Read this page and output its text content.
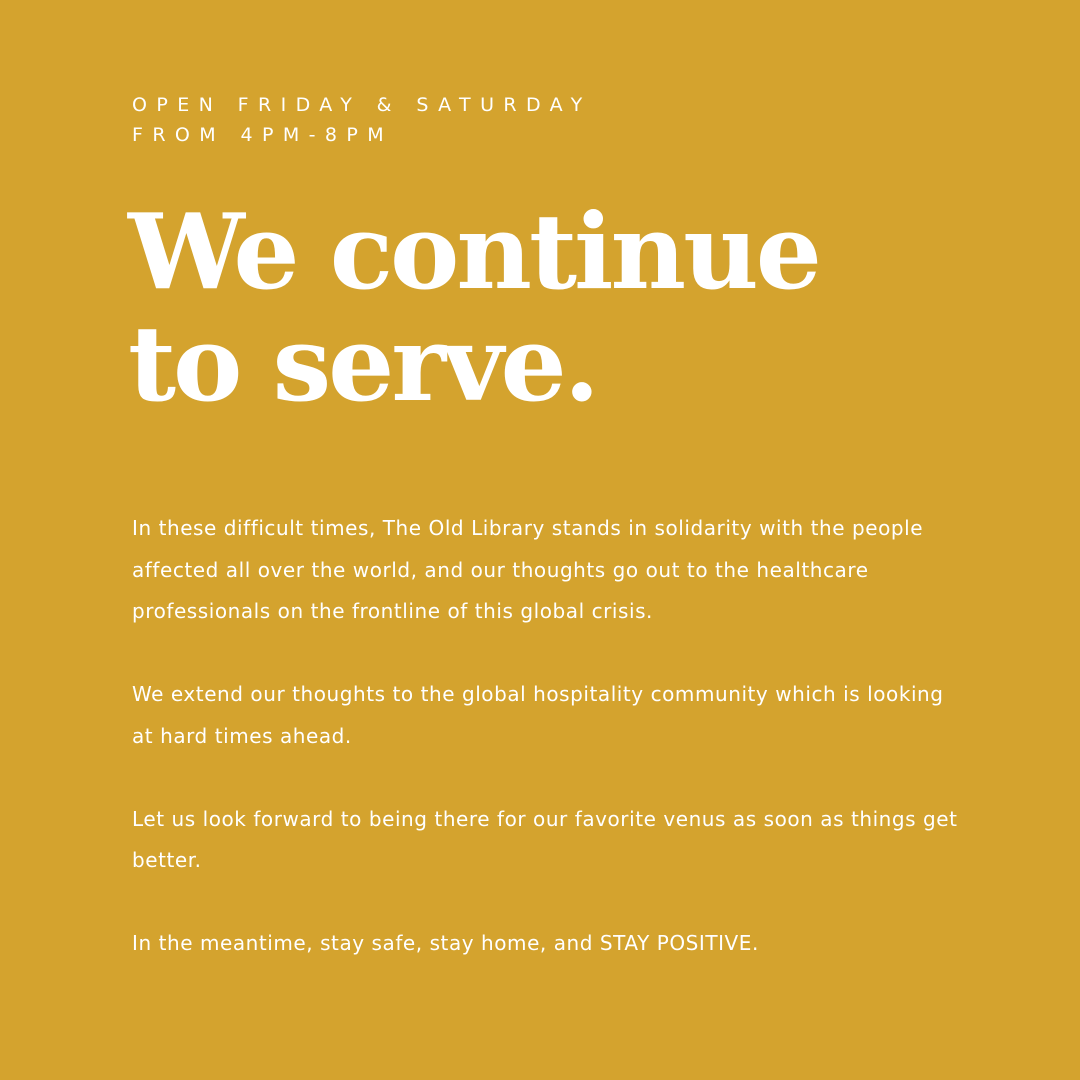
OPEN FRIDAY & SATURDAY
FROM 4PM-8PM
We continue
to serve.

In these difficult times, The Old Library stands in solidarity with the people affected all over the world, and our thoughts go out to the healthcare professionals on the frontline of this global crisis.

We extend our thoughts to the global hospitality community which is looking at hard times ahead.

Let us look forward to being there for our favorite venus as soon as things get better.

In the meantime, stay safe, stay home, and STAY POSITIVE.
